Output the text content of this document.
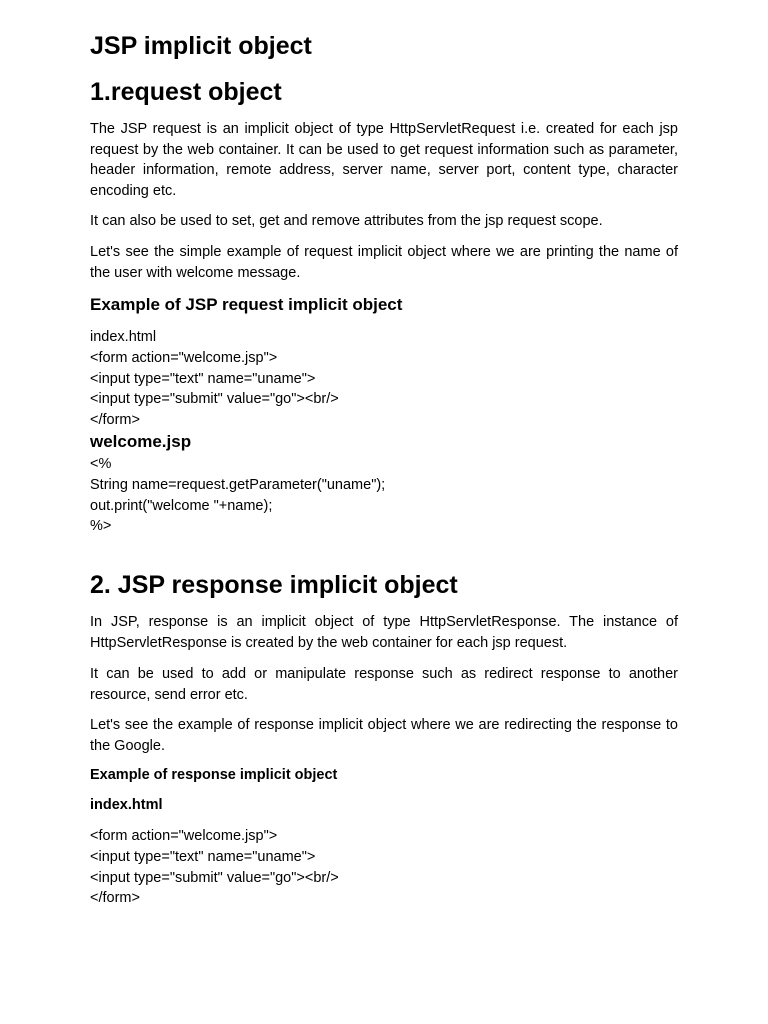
JSP implicit object
1.request object
The JSP request is an implicit object of type HttpServletRequest i.e. created for each jsp request by the web container. It can be used to get request information such as parameter, header information, remote address, server name, server port, content type, character encoding etc.
It can also be used to set, get and remove attributes from the jsp request scope.
Let's see the simple example of request implicit object where we are printing the name of the user with welcome message.
Example of JSP request implicit object
index.html
<form action="welcome.jsp">
<input type="text" name="uname">
<input type="submit" value="go"><br/>
</form>
welcome.jsp
<%
String name=request.getParameter("uname");
out.print("welcome "+name);
%>
2. JSP response implicit object
In JSP, response is an implicit object of type HttpServletResponse. The instance of HttpServletResponse is created by the web container for each jsp request.
It can be used to add or manipulate response such as redirect response to another resource, send error etc.
Let's see the example of response implicit object where we are redirecting the response to the Google.
Example of response implicit object
index.html
<form action="welcome.jsp">
<input type="text" name="uname">
<input type="submit" value="go"><br/>
</form>
